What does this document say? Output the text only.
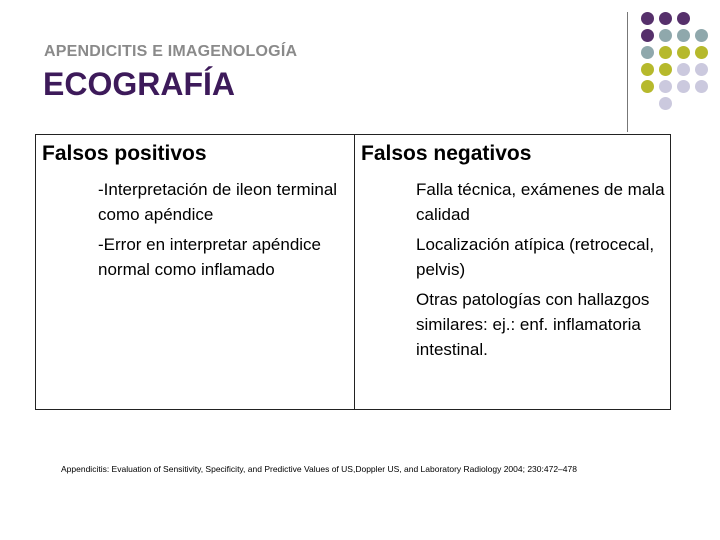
APENDICITIS E IMAGENOLOGÍA
ECOGRAFÍA
Falsos positivos
-Interpretación de ileon terminal como apéndice
-Error en interpretar apéndice normal como inflamado
Falsos negativos
Falla técnica, exámenes de mala calidad
Localización atípica (retrocecal, pelvis)
Otras patologías con hallazgos similares: ej.: enf. inflamatoria intestinal.
Appendicitis: Evaluation of Sensitivity, Specificity, and Predictive Values of US,Doppler US, and Laboratory Radiology 2004; 230:472–478
